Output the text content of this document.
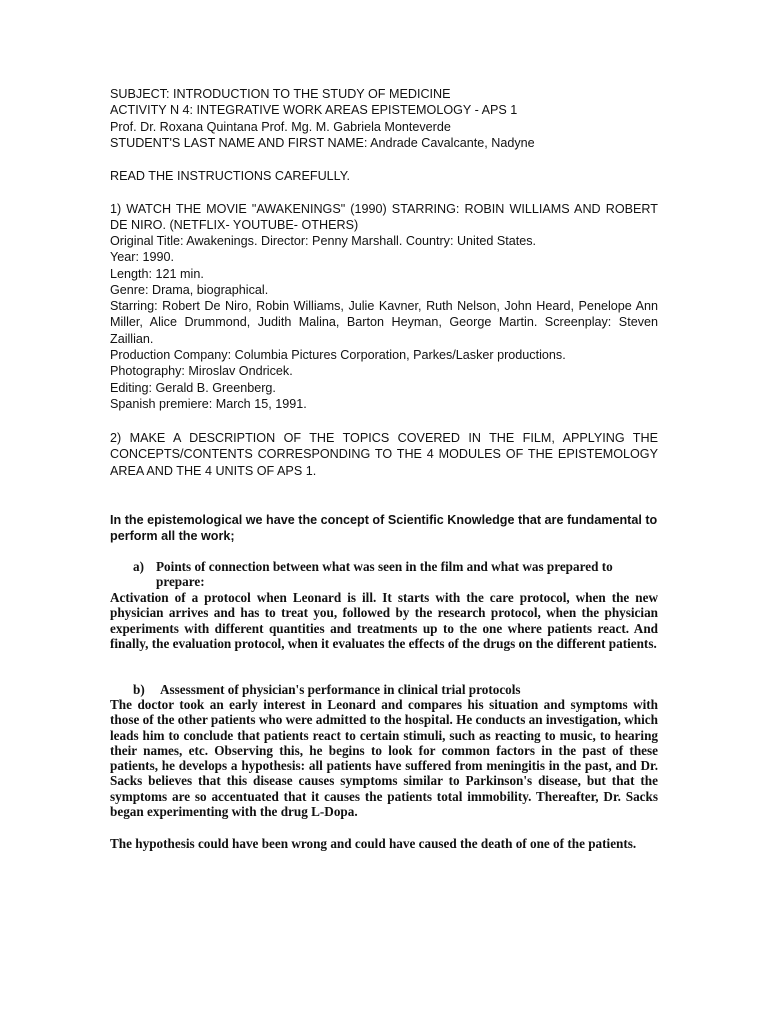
SUBJECT: INTRODUCTION TO THE STUDY OF MEDICINE
ACTIVITY N 4: INTEGRATIVE WORK AREAS EPISTEMOLOGY - APS 1
Prof. Dr. Roxana Quintana Prof. Mg. M. Gabriela Monteverde
STUDENT'S LAST NAME AND FIRST NAME: Andrade Cavalcante, Nadyne

READ THE INSTRUCTIONS CAREFULLY.

1) WATCH THE MOVIE "AWAKENINGS" (1990) STARRING: ROBIN WILLIAMS AND ROBERT DE NIRO. (NETFLIX- YOUTUBE- OTHERS)

Original Title: Awakenings. Director: Penny Marshall. Country: United States.
Year: 1990.
Length: 121 min.
Genre: Drama, biographical.
Starring: Robert De Niro, Robin Williams, Julie Kavner, Ruth Nelson, John Heard, Penelope Ann Miller, Alice Drummond, Judith Malina, Barton Heyman, George Martin. Screenplay: Steven Zaillian.
Production Company: Columbia Pictures Corporation, Parkes/Lasker productions.
Photography: Miroslav Ondricek.
Editing: Gerald B. Greenberg.
Spanish premiere: March 15, 1991.

2) MAKE A DESCRIPTION OF THE TOPICS COVERED IN THE FILM, APPLYING THE CONCEPTS/CONTENTS CORRESPONDING TO THE 4 MODULES OF THE EPISTEMOLOGY AREA AND THE 4 UNITS OF APS 1.

In the epistemological we have the concept of Scientific Knowledge that are fundamental to perform all the work;

a) Points of connection between what was seen in the film and what was prepared to
prepare:

Activation of a protocol when Leonard is ill. It starts with the care protocol, when the new physician arrives and has to treat you, followed by the research protocol, when the physician experiments with different quantities and treatments up to the one where patients react. And finally, the evaluation protocol, when it evaluates the effects of the drugs on the different patients.

b) Assessment of physician's performance in clinical trial protocols

The doctor took an early interest in Leonard and compares his situation and symptoms with those of the other patients who were admitted to the hospital. He conducts an investigation, which leads him to conclude that patients react to certain stimuli, such as reacting to music, to hearing their names, etc. Observing this, he begins to look for common factors in the past of these patients, he develops a hypothesis: all patients have suffered from meningitis in the past, and Dr. Sacks believes that this disease causes symptoms similar to Parkinson's disease, but that the symptoms are so accentuated that it causes the patients total immobility. Thereafter, Dr. Sacks began experimenting with the drug L-Dopa.

The hypothesis could have been wrong and could have caused the death of one of the patients.
